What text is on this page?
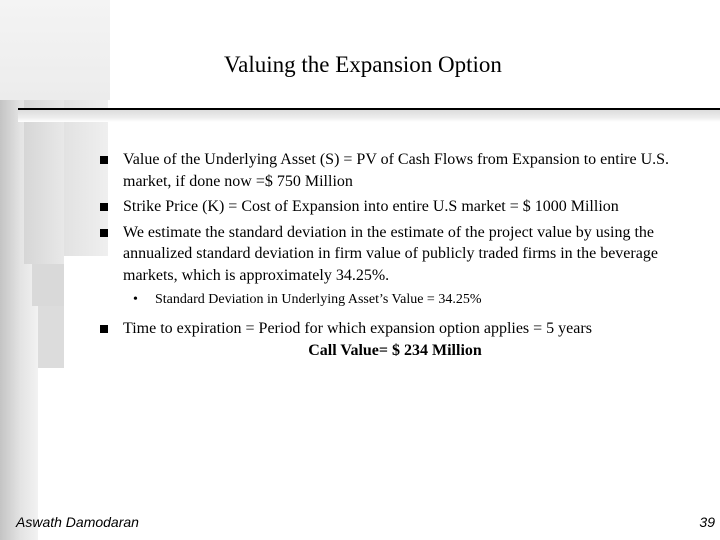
Valuing the Expansion Option
Value of the Underlying Asset (S) = PV of Cash Flows from Expansion to entire U.S. market, if done now =$ 750 Million
Strike Price (K) = Cost of Expansion into entire U.S market = $ 1000 Million
We estimate the standard deviation in the estimate of the project value by using the annualized standard deviation in firm value of publicly traded firms in the beverage markets, which is approximately 34.25%.
• Standard Deviation in Underlying Asset’s Value = 34.25%
Time to expiration = Period for which expansion option applies = 5 years
Call Value= $ 234 Million
Aswath Damodaran	39
